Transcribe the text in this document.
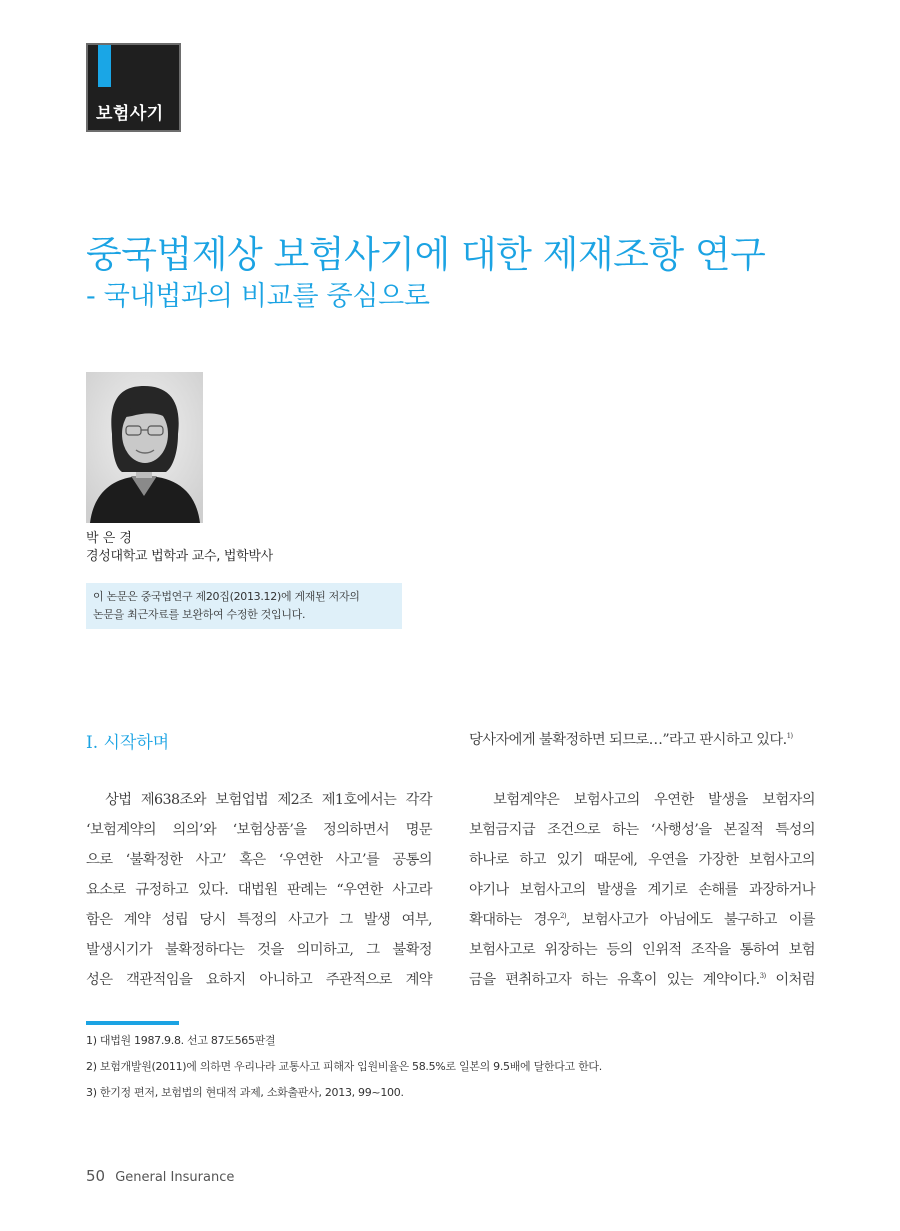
보험사기
중국법제상 보험사기에 대한 제재조항 연구
- 국내법과의 비교를 중심으로
박 은 경
경성대학교 법학과 교수, 법학박사
이 논문은 중국법연구 제20집(2013.12)에 게재된 저자의
논문을 최근자료를 보완하여 수정한 것입니다.
Ⅰ. 시작하며
　상법 제638조와 보험업법 제2조 제1호에서는 각각
‘보험계약의 의의’와 ‘보험상품’을 정의하면서 명문
으로 ‘불확정한 사고’ 혹은 ‘우연한 사고’를 공통의
요소로 규정하고 있다. 대법원 판례는 “우연한 사고라
함은 계약 성립 당시 특정의 사고가 그 발생 여부,
발생시기가 불확정하다는 것을 의미하고, 그 불확정
성은 객관적임을 요하지 아니하고 주관적으로 계약
당사자에게 불확정하면 되므로…”라고 판시하고 있다.$^{1)}$
　보험계약은 보험사고의 우연한 발생을 보험자의
보험금지급 조건으로 하는 ‘사행성’을 본질적 특성의
하나로 하고 있기 때문에, 우연을 가장한 보험사고의
야기나 보험사고의 발생을 계기로 손해를 과장하거나
확대하는 경우$^{2)}$, 보험사고가 아님에도 불구하고 이를
보험사고로 위장하는 등의 인위적 조작을 통하여 보험
금을 편취하고자 하는 유혹이 있는 계약이다.$^{3)}$ 이처럼
1) 대법원 1987.9.8. 선고 87도565판결
2) 보험개발원(2011)에 의하면 우리나라 교통사고 피해자 입원비율은 58.5%로 일본의 9.5배에 달한다고 한다.
3) 한기정 편저, 보험법의 현대적 과제, 소화출판사, 2013, 99~100.
50 General Insurance
